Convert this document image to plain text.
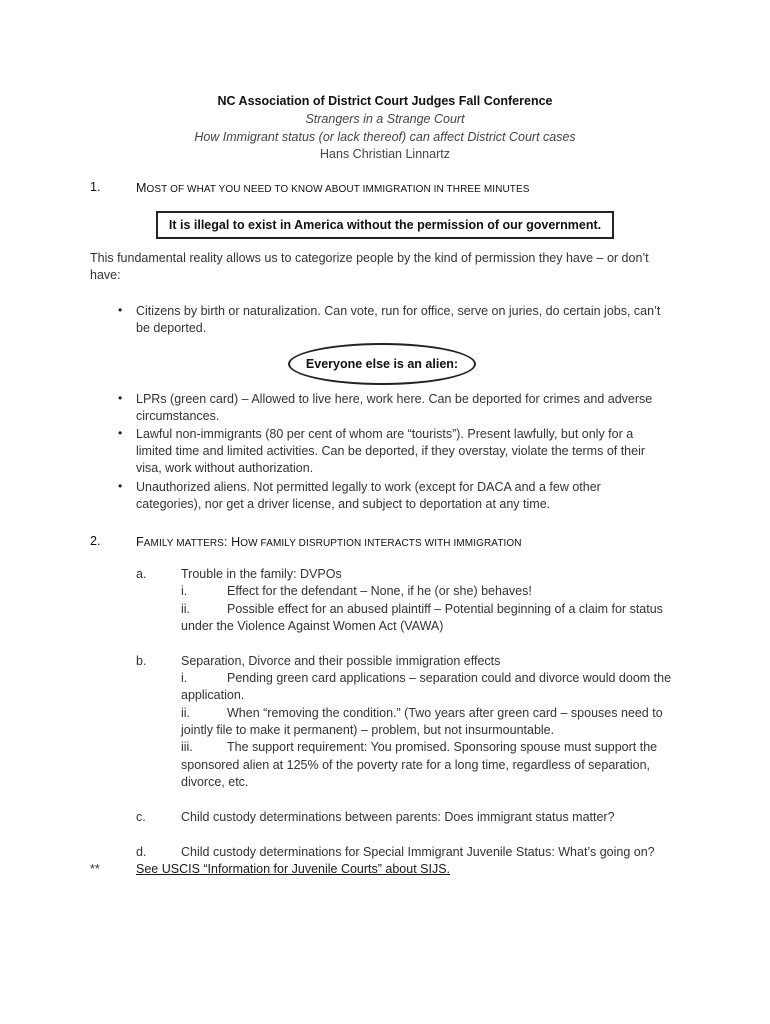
NC Association of District Court Judges Fall Conference
Strangers in a Strange Court
How Immigrant status (or lack thereof) can affect District Court cases
Hans Christian Linnartz
1.	MOST OF WHAT YOU NEED TO KNOW ABOUT IMMIGRATION IN THREE MINUTES
It is illegal to exist in America without the permission of our government.
This fundamental reality allows us to categorize people by the kind of permission they have – or don’t
have:
• Citizens by birth or naturalization. Can vote, run for office, serve on juries, do certain jobs, can’t
be deported.
Everyone else is an alien:
• LPRs (green card) – Allowed to live here, work here. Can be deported for crimes and adverse
circumstances.
• Lawful non-immigrants (80 per cent of whom are “tourists”). Present lawfully, but only for a
limited time and limited activities. Can be deported, if they overstay, violate the terms of their
visa, work without authorization.
• Unauthorized aliens. Not permitted legally to work (except for DACA and a few other
categories), nor get a driver license, and subject to deportation at any time.
2.	FAMILY MATTERS: HOW FAMILY DISRUPTION INTERACTS WITH IMMIGRATION
a.	Trouble in the family: DVPOs
i.	Effect for the defendant – None, if he (or she) behaves!
ii.	Possible effect for an abused plaintiff – Potential beginning of a claim for status
under the Violence Against Women Act (VAWA)
b.	Separation, Divorce and their possible immigration effects
i.	Pending green card applications – separation could and divorce would doom the
application.
ii.	When “removing the condition.” (Two years after green card – spouses need to
jointly file to make it permanent) – problem, but not insurmountable.
iii.	The support requirement: You promised. Sponsoring spouse must support the
sponsored alien at 125% of the poverty rate for a long time, regardless of separation,
divorce, etc.
c.	Child custody determinations between parents: Does immigrant status matter?
d.	Child custody determinations for Special Immigrant Juvenile Status: What’s going on?
**	See USCIS “Information for Juvenile Courts” about SIJS.
